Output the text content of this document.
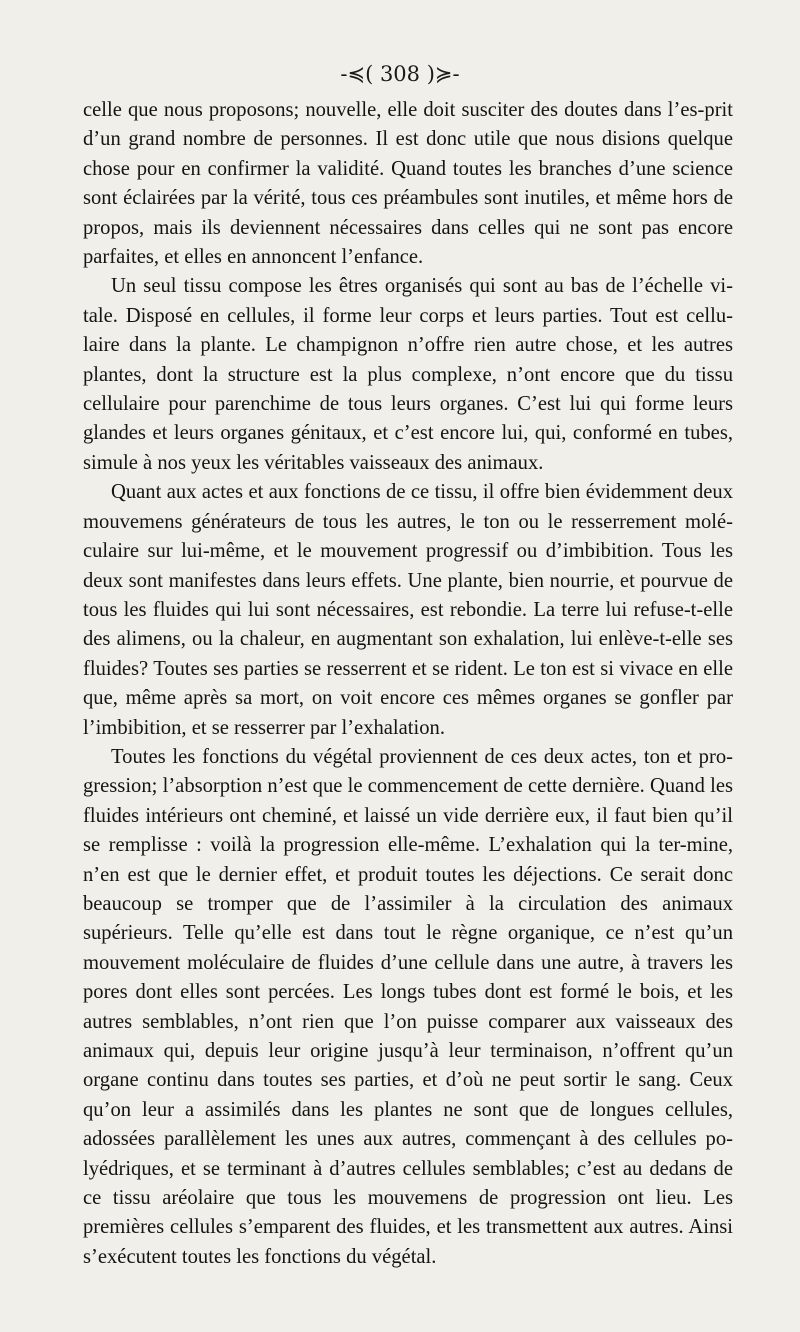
-≼( 308 )≽-

celle que nous proposons; nouvelle, elle doit susciter des doutes dans l’es-prit d’un grand nombre de personnes. Il est donc utile que nous disions quelque chose pour en confirmer la validité. Quand toutes les branches d’une science sont éclairées par la vérité, tous ces préambules sont inutiles, et même hors de propos, mais ils deviennent nécessaires dans celles qui ne sont pas encore parfaites, et elles en annoncent l’enfance.

Un seul tissu compose les êtres organisés qui sont au bas de l’échelle vi-tale. Disposé en cellules, il forme leur corps et leurs parties. Tout est cellu-laire dans la plante. Le champignon n’offre rien autre chose, et les autres plantes, dont la structure est la plus complexe, n’ont encore que du tissu cellulaire pour parenchime de tous leurs organes. C’est lui qui forme leurs glandes et leurs organes génitaux, et c’est encore lui, qui, conformé en tubes, simule à nos yeux les véritables vaisseaux des animaux.

Quant aux actes et aux fonctions de ce tissu, il offre bien évidemment deux mouvemens générateurs de tous les autres, le ton ou le resserrement molé-culaire sur lui-même, et le mouvement progressif ou d’imbibition. Tous les deux sont manifestes dans leurs effets. Une plante, bien nourrie, et pourvue de tous les fluides qui lui sont nécessaires, est rebondie. La terre lui refuse-t-elle des alimens, ou la chaleur, en augmentant son exhalation, lui enlève-t-elle ses fluides? Toutes ses parties se resserrent et se rident. Le ton est si vivace en elle que, même après sa mort, on voit encore ces mêmes organes se gonfler par l’imbibition, et se resserrer par l’exhalation.

Toutes les fonctions du végétal proviennent de ces deux actes, ton et pro-gression; l’absorption n’est que le commencement de cette dernière. Quand les fluides intérieurs ont cheminé, et laissé un vide derrière eux, il faut bien qu’il se remplisse : voilà la progression elle-même. L’exhalation qui la ter-mine, n’en est que le dernier effet, et produit toutes les déjections. Ce serait donc beaucoup se tromper que de l’assimiler à la circulation des animaux supérieurs. Telle qu’elle est dans tout le règne organique, ce n’est qu’un mouvement moléculaire de fluides d’une cellule dans une autre, à travers les pores dont elles sont percées. Les longs tubes dont est formé le bois, et les autres semblables, n’ont rien que l’on puisse comparer aux vaisseaux des animaux qui, depuis leur origine jusqu’à leur terminaison, n’offrent qu’un organe continu dans toutes ses parties, et d’où ne peut sortir le sang. Ceux qu’on leur a assimilés dans les plantes ne sont que de longues cellules, adossées parallèlement les unes aux autres, commençant à des cellules po-lyédriques, et se terminant à d’autres cellules semblables; c’est au dedans de ce tissu aréolaire que tous les mouvemens de progression ont lieu. Les premières cellules s’emparent des fluides, et les transmettent aux autres. Ainsi s’exécutent toutes les fonctions du végétal.
